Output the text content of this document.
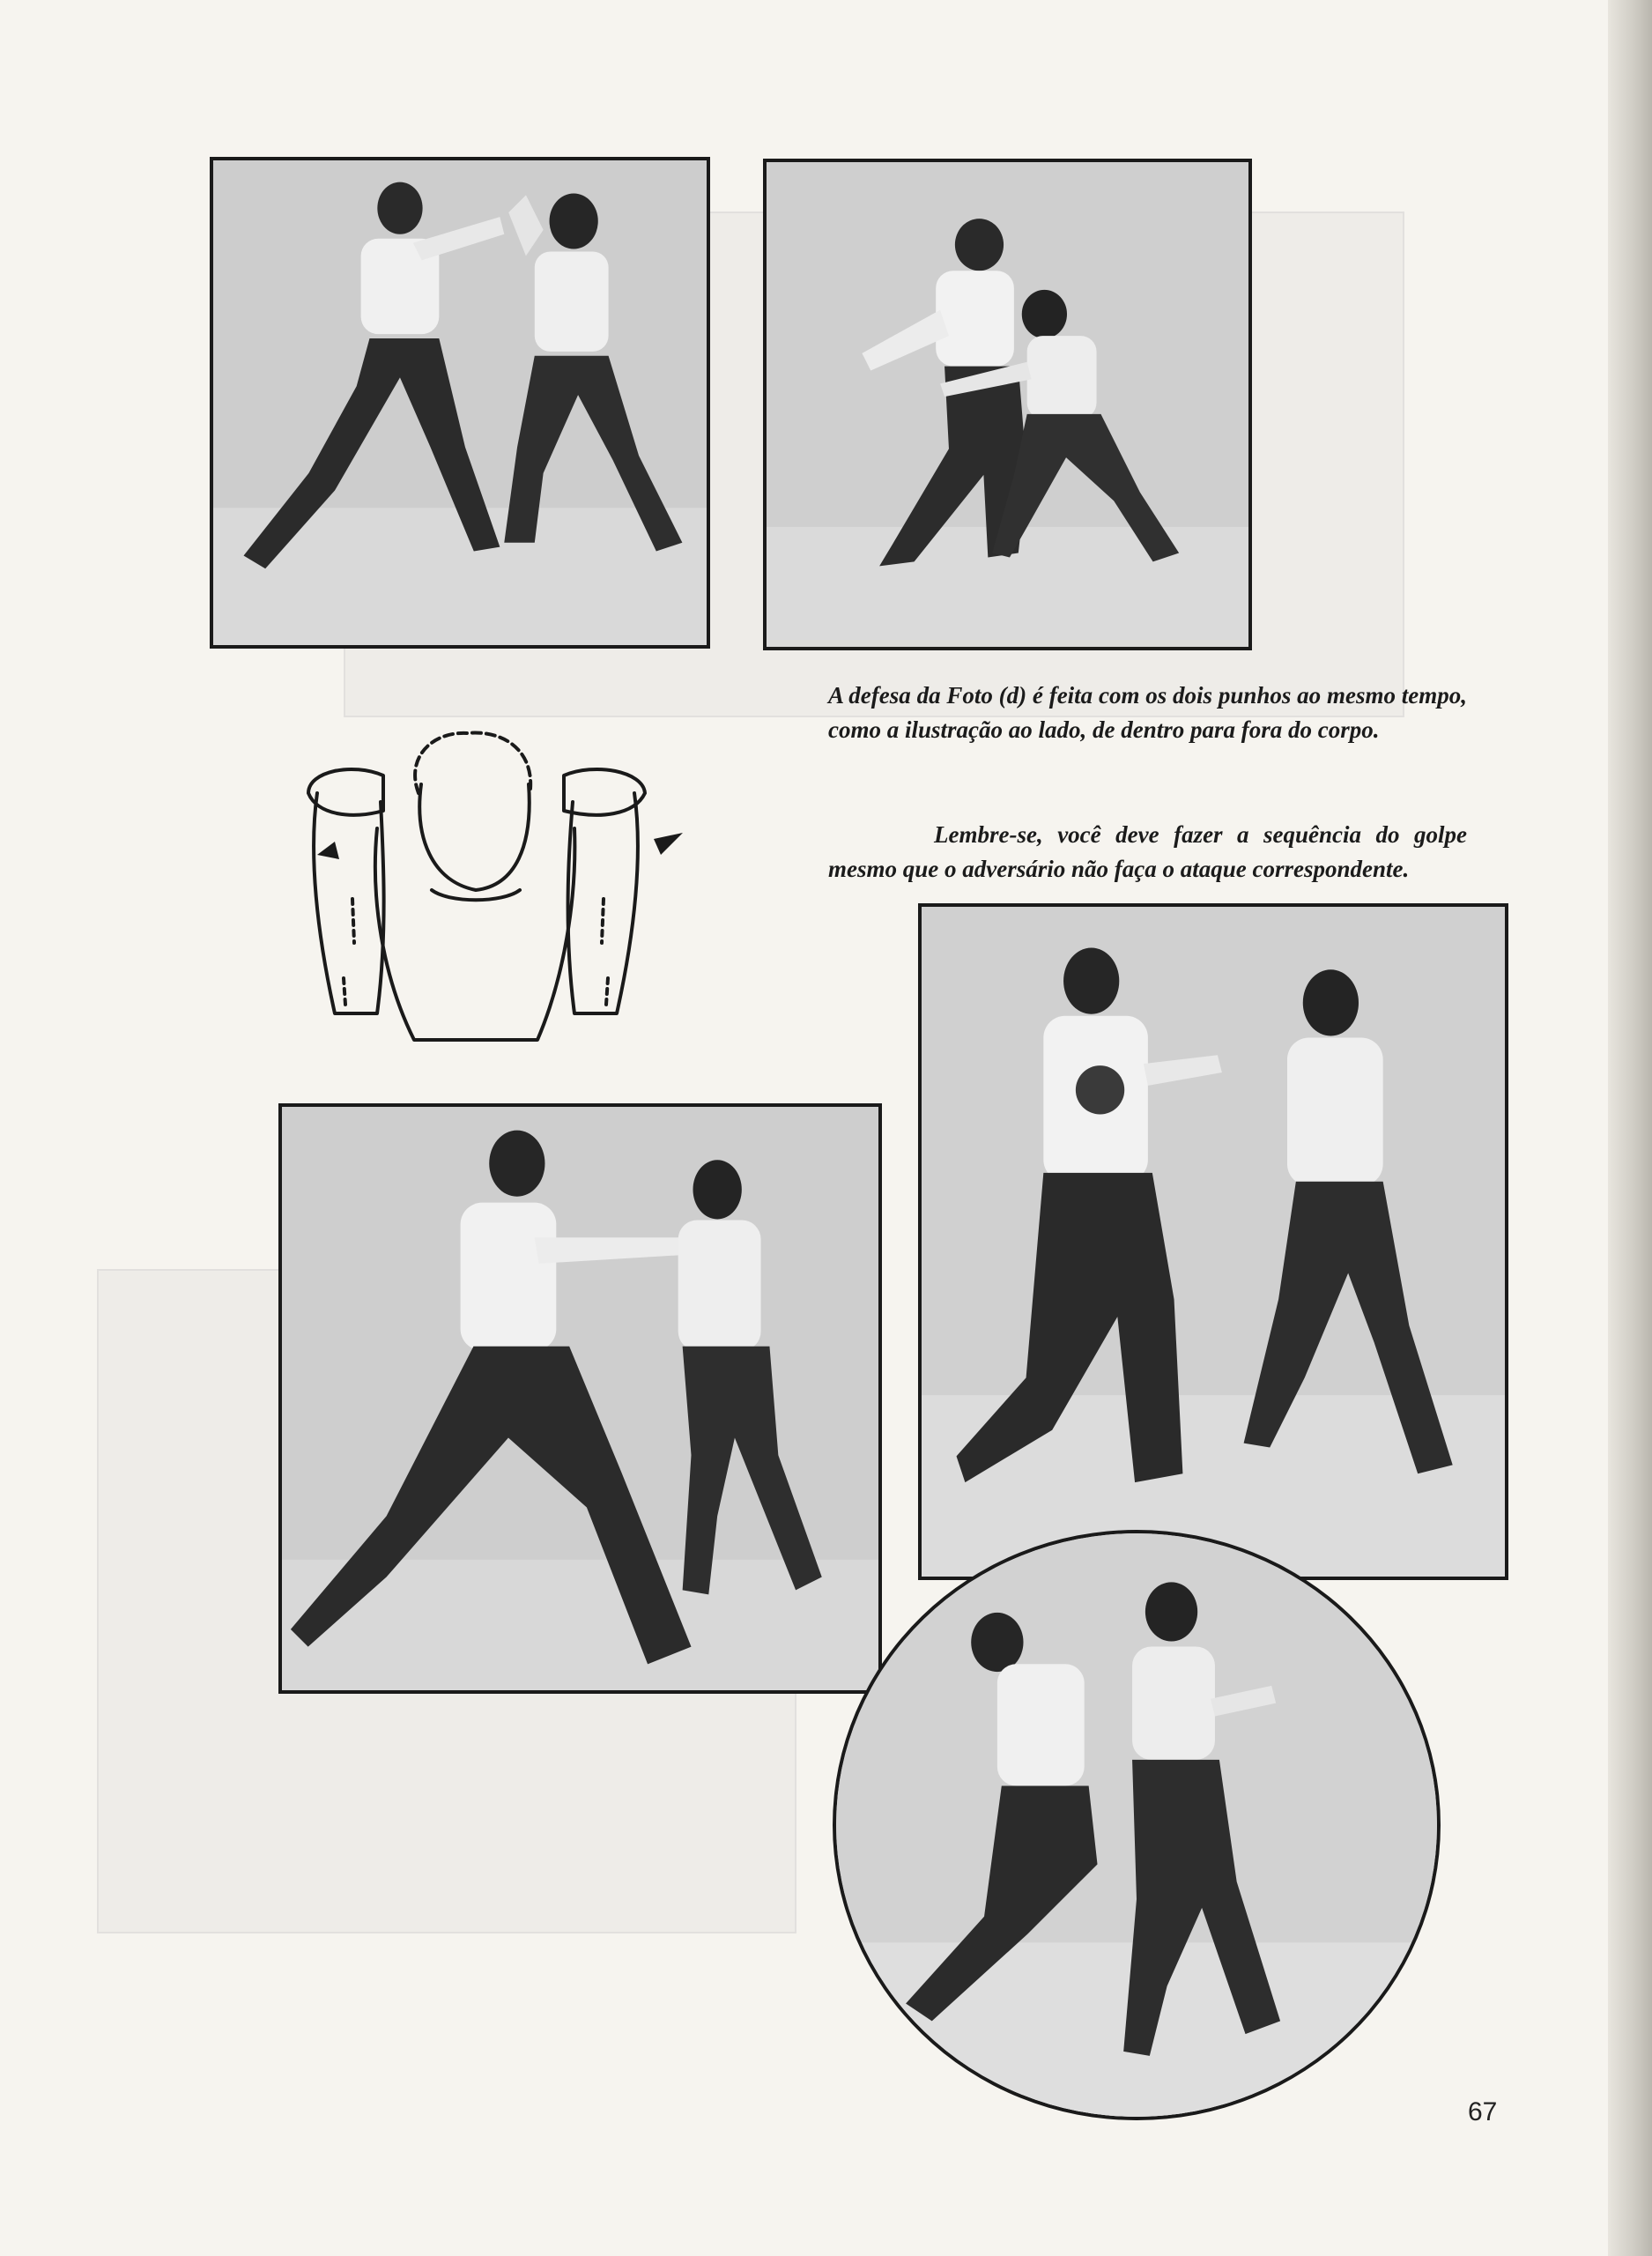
A defesa da Foto (d) é feita com os dois punhos ao mesmo tempo, como a ilustração ao lado, de dentro para fora do corpo.

Lembre-se, você deve fazer a sequência do golpe mesmo que o adversário não faça o ataque correspondente.

67
